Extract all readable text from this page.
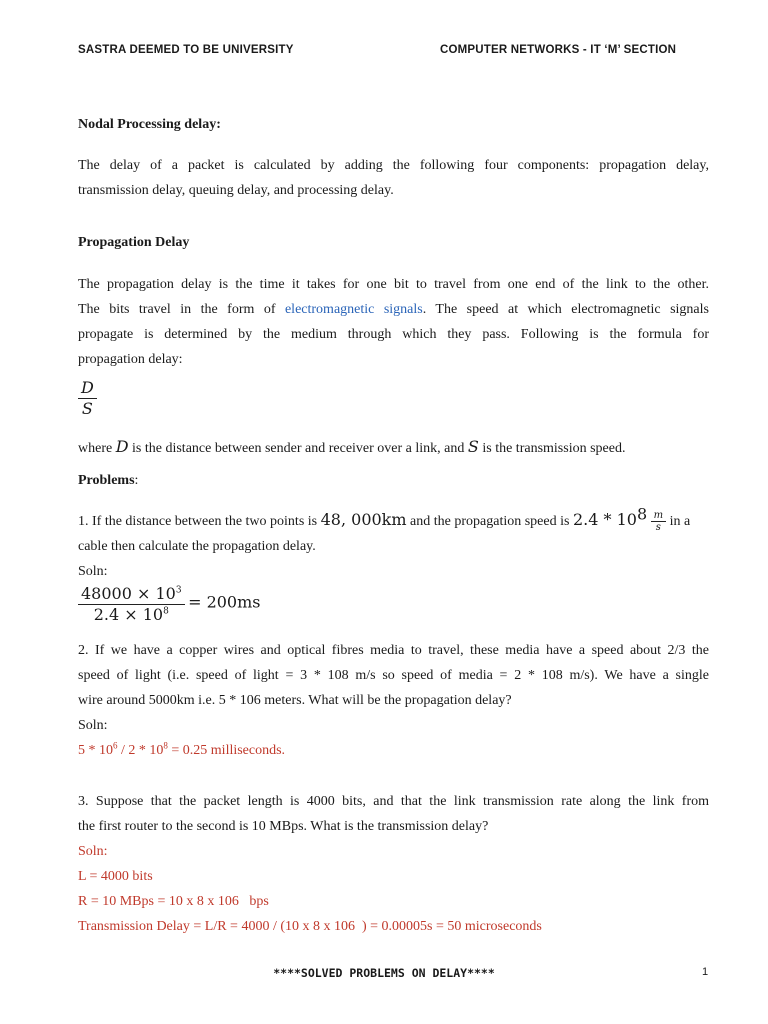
SASTRA DEEMED TO BE UNIVERSITY	COMPUTER NETWORKS - IT ‘M’ SECTION
Nodal Processing delay:
The delay of a packet is calculated by adding the following four components: propagation delay,
transmission delay, queuing delay, and processing delay.
Propagation Delay
The propagation delay is the time it takes for one bit to travel from one end of the link to the other.
The bits travel in the form of electromagnetic signals. The speed at which electromagnetic signals
propagate is determined by the medium through which they pass. Following is the formula for
propagation delay:
$\frac{D}{S}$
where D is the distance between sender and receiver over a link, and S is the transmission speed.
Problems:
1. If the distance between the two points is 48, 000km and the propagation speed is $2.4 * 10^8 \frac{m}{s}$ in a
cable then calculate the propagation delay.
Soln:
$\frac{48000 \times 10^3}{2.4 \times 10^8} = 200ms$
2. If we have a copper wires and optical fibres media to travel, these media have a speed about 2/3 the
speed of light (i.e. speed of light = 3 * 108 m/s so speed of media = 2 * 108 m/s). We have a single
wire around 5000km i.e. 5 * 106 meters. What will be the propagation delay?
Soln:
$5 * 10^6 / 2 * 10^8 = 0.25$ milliseconds.
3. Suppose that the packet length is 4000 bits, and that the link transmission rate along the link from
the first router to the second is 10 MBps. What is the transmission delay?
Soln:
L = 4000 bits
R = 10 MBps = 10 x 8 x 106   bps
Transmission Delay = L/R = 4000 / (10 x 8 x 106  ) = 0.00005s = 50 microseconds
****SOLVED PROBLEMS ON DELAY****	1
